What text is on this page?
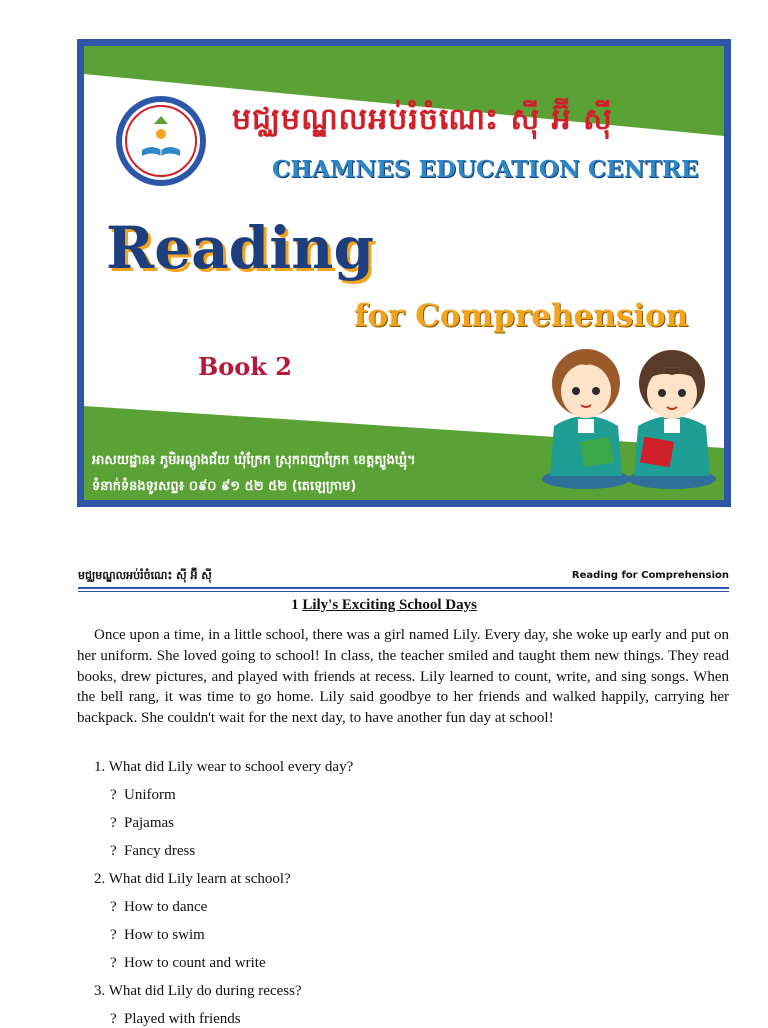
មជ្ឈមណ្ឌលអប់រំចំណេះ ស៊ី អ៊ី ស៊ី
CHAMNES EDUCATION CENTRE
Reading
for Comprehension
Book 2
អាសយដ្ឋាន៖ ភូមិអណ្តូងជ័យ ឃុំក្រែក ស្រុកពញាក្រែក ខេត្តត្បូងឃ្មុំ។
ទំនាក់ទំនងទូរសព្ទ៖ ០៩០ ៩១ ៥២ ៥២ (តេឡេក្រាម)
មជ្ឈមណ្ឌលអប់រំចំណេះ ស៊ី អ៊ី ស៊ី	Reading for Comprehension
1 Lily's Exciting School Days

Once upon a time, in a little school, there was a girl named Lily. Every day, she woke up early and put on her uniform. She loved going to school! In class, the teacher smiled and taught them new things. They read books, drew pictures, and played with friends at recess. Lily learned to count, write, and sing songs. When the bell rang, it was time to go home. Lily said goodbye to her friends and walked happily, carrying her backpack. She couldn't wait for the next day, to have another fun day at school!

1. What did Lily wear to school every day?
? Uniform
? Pajamas
? Fancy dress
2. What did Lily learn at school?
? How to dance
? How to swim
? How to count and write
3. What did Lily do during recess?
? Played with friends
